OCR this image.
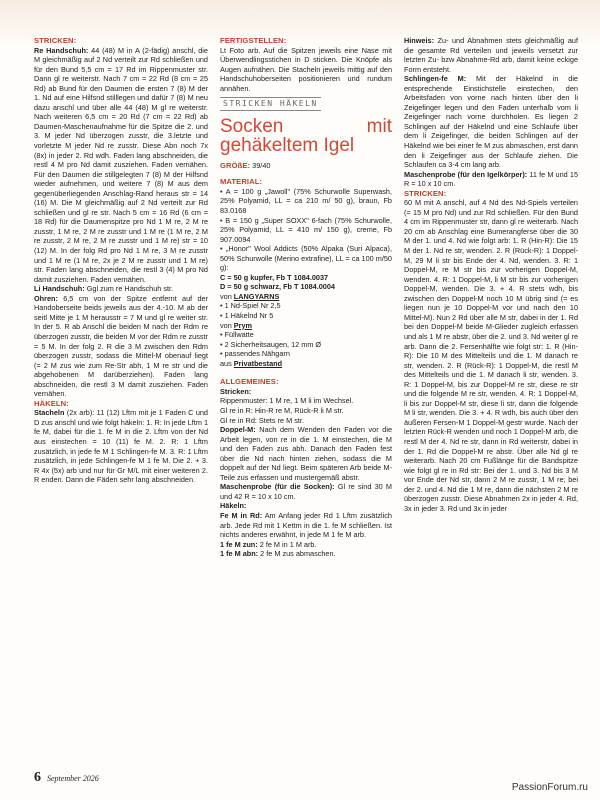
STRICKEN:

Re Handschuh: 44 (48) M in A (2-fädig) anschl, die M gleichmäßig auf 2 Nd verteilt zur Rd schließen und für den Bund 5,5 cm = 17 Rd im Rippenmuster str. Dann gl re weiterstr. Nach 7 cm = 22 Rd (8 cm = 25 Rd) ab Bund für den Daumen die ersten 7 (8) M der 1. Nd auf eine Hilfsnd stilllegen und dafür 7 (8) M neu dazu anschl und über alle 44 (48) M gl re weiterstr. Nach weiteren 6,5 cm = 20 Rd (7 cm = 22 Rd) ab Daumen-Maschenaufnahme für die Spitze die 2. und 3. M jeder Nd überzogen zusstr, die 3.letzte und vorletzte M jeder Nd re zusstr. Diese Abn noch 7x (8x) in jeder 2. Rd wdh. Faden lang abschneiden, die restl 4 M pro Nd damit zusziehen. Faden vernähen. Für den Daumen die stillgelegten 7 (8) M der Hilfsnd wieder aufnehmen, und weitere 7 (8) M aus dem gegenüberliegenden Anschlag-Rand heraus str = 14 (16) M. Die M gleichmäßig auf 2 Nd verteilt zur Rd schließen und gl re str. Nach 5 cm = 16 Rd (6 cm = 18 Rd) für die Daumenspitze pro Nd 1 M re, 2 M re zusstr, 1 M re, 2 M re zusstr und 1 M re (1 M re, 2 M re zusstr, 2 M re, 2 M re zusstr und 1 M re) str = 10 (12) M. In der folg Rd pro Nd 1 M re, 3 M re zusstr und 1 M re (1 M re, 2x je 2 M re zusstr und 1 M re) str. Faden lang abschneiden, die restl 3 (4) M pro Nd damit zusziehen. Faden vernähen.

Li Handschuh: Ggl zum re Handschuh str.

Ohren: 6,5 cm von der Spitze entfernt auf der Handoberseite beids jeweils aus der 4.-10. M ab der seitl Mitte je 1 M herausstr = 7 M und gl re weiter str. In der 5. R ab Anschl die beiden M nach der Rdm re überzogen zusstr, die beiden M vor der Rdm re zusstr = 5 M. In der folg 2. R die 3 M zwischen den Rdm überzogen zusstr, sodass die Mittel-M obenauf liegt (= 2 M zus wie zum Re-Str abh, 1 M re str und die abgehobenen M darüberziehen). Faden lang abschneiden, die restl 3 M damit zusziehen. Faden vernähen.

HÄKELN:

Stacheln (2x arb): 11 (12) Lftm mit je 1 Faden C und D zus anschl und wie folgt häkeln: 1. R: In jede Lftm 1 fe M, dabei für die 1. fe M in die 2. Lftm von der Nd aus einstechen = 10 (11) fe M. 2. R: 1 Lftm zusätzlich, in jede fe M 1 Schlingen-fe M. 3. R: 1 Lftm zusätzlich, in jede Schlingen-fe M 1 fe M. Die 2. + 3. R 4x (5x) arb und nur für Gr M/L mit einer weiteren 2. R enden. Dann die Fäden sehr lang abschneiden.

FERTIGSTELLEN:

Lt Foto arb. Auf die Spitzen jeweils eine Nase mit Überwendlingsstichen in D sticken. Die Knöpfe als Augen aufnähen. Die Stacheln jeweils mittig auf den Handschuhoberseiten positionieren und rundum annähen.

STRICKEN HÄKELN
Socken mit gehäkeltem Igel

GRÖßE: 39/40

MATERIAL:
• A = 100 g „Jawoll" (75% Schurwolle Superwash, 25% Polyamid, LL = ca 210 m/ 50 g), braun, Fb 83.0168
• B = 150 g „Super SOXX" 6-fach (75% Schurwolle, 25% Polyamid, LL = 410 m/ 150 g), creme, Fb 907.0094
• „Honor" Wool Addicts (50% Alpaka (Suri Alpaca), 50% Schurwolle (Merino extrafine), LL = ca 100 m/50 g):
C = 50 g kupfer, Fb T 1084.0037
D = 50 g schwarz, Fb T 1084.0004
von LANGYARNS
• 1 Nd-Spiel Nr 2,5
• 1 Häkelnd Nr 5
von Prym
• Füllwatte
• 2 Sicherheitsaugen, 12 mm Ø
• passendes Nähgarn
aus Privatbestand
ALLGEMEINES:
Stricken:
Rippenmuster: 1 M re, 1 M li im Wechsel.
Gl re in R: Hin-R re M, Rück-R li M str.
Gl re in Rd: Stets re M str.

Doppel-M: Nach dem Wenden den Faden vor die Arbeit legen, von re in die 1. M einstechen, die M und den Faden zus abh. Danach den Faden fest über die Nd nach hinten ziehen, sodass die M doppelt auf der Nd liegt. Beim späteren Arb beide M-Teile zus erfassen und mustergemäß abstr.

Maschenprobe (für die Socken): Gl re sind 30 M und 42 R = 10 x 10 cm.

Häkeln:

Fe M in Rd: Am Anfang jeder Rd 1 Lftm zusätzlich arb. Jede Rd mit 1 Kettm in die 1. fe M schließen. Ist nichts anderes erwähnt, in jede M 1 fe M arb.

1 fe M zun: 2 fe M in 1 M arb.

1 fe M abn: 2 fe M zus abmaschen.

Hinweis: Zu- und Abnahmen stets gleichmäßig auf die gesamte Rd verteilen und jeweils versetzt zur letzten Zu- bzw Abnahme-Rd arb, damit keine eckige Form entsteht.

Schlingen-fe M: Mit der Häkelnd in die entsprechende Einstichstelle einstechen, den Arbeitsfaden von vorne nach hinten über den li Zeigefinger legen und den Faden unterhalb vom li Zeigefinger nach vorne durchholen. Es liegen 2 Schlingen auf der Häkelnd und eine Schlaufe über dem li Zeigefinger, die beiden Schlingen auf der Häkelnd wie bei einer fe M zus abmaschen, erst dann den li Zeigefinger aus der Schlaufe ziehen. Die Schlaufen ca 3-4 cm lang arb.

Maschenprobe (für den Igelkörper): 11 fe M und 15 R = 10 x 10 cm.

STRICKEN:

60 M mit A anschl, auf 4 Nd des Nd-Spiels verteilen (= 15 M pro Nd) und zur Rd schließen. Für den Bund 4 cm im Rippenmuster str, dann gl re weiterarb. Nach 20 cm ab Anschlag eine Bumerangferse über die 30 M der 1. und 4. Nd wie folgt arb: 1. R (Hin-R): Die 15 M der 1. Nd re str, wenden. 2. R (Rück-R): 1 Doppel-M, 29 M li str bis Ende der 4. Nd, wenden. 3. R: 1 Doppel-M, re M str bis zur vorherigen Doppel-M, wenden. 4. R: 1 Doppel-M, li M str bis zur vorherigen Doppel-M, wenden. Die 3. + 4. R stets wdh, bis zwischen den Doppel-M noch 10 M übrig sind (= es liegen nun je 10 Doppel-M vor und nach den 10 Mittel-M). Nun 2 Rd über alle M str, dabei in der 1. Rd bei den Doppel-M beide M-Glieder zugleich erfassen und als 1 M re abstr, über die 2. und 3. Nd weiter gl re arb. Dann die 2. Fersenhälfte wie folgt str: 1. R (Hin-R): Die 10 M des Mittelteils und die 1. M danach re str, wenden. 2. R (Rück-R): 1 Doppel-M, die restl M des Mittelteils und die 1. M danach li str, wenden. 3. R: 1 Doppel-M, bis zur Doppel-M re str, diese re str und die folgende M re str, wenden. 4. R: 1 Doppel-M, li bis zur Doppel-M str, diese li str, dann die folgende M li str, wenden. Die 3. + 4. R wdh, bis auch über den äußeren Fersen-M 1 Doppel-M gestr wurde. Nach der letzten Rück-R wenden und noch 1 Doppel-M arb, die restl M der 4. Nd re str, dann in Rd weiterstr, dabei in der 1. Rd die Doppel-M re abstr. Über alle Nd gl re weiterarb. Nach 20 cm Fußlänge für die Bandspitze wie folgt gl re in Rd str: Bei der 1. und 3. Nd bis 3 M vor Ende der Nd str, dann 2 M re zusstr, 1 M re; bei der 2. und 4. Nd die 1 M re, dann die nächsten 2 M re überzogen zusstr. Diese Abnahmen 2x in jeder 4. Rd, 3x in jeder 3. Rd und 3x in jeder

6 September 2026
PassionForum.ru
